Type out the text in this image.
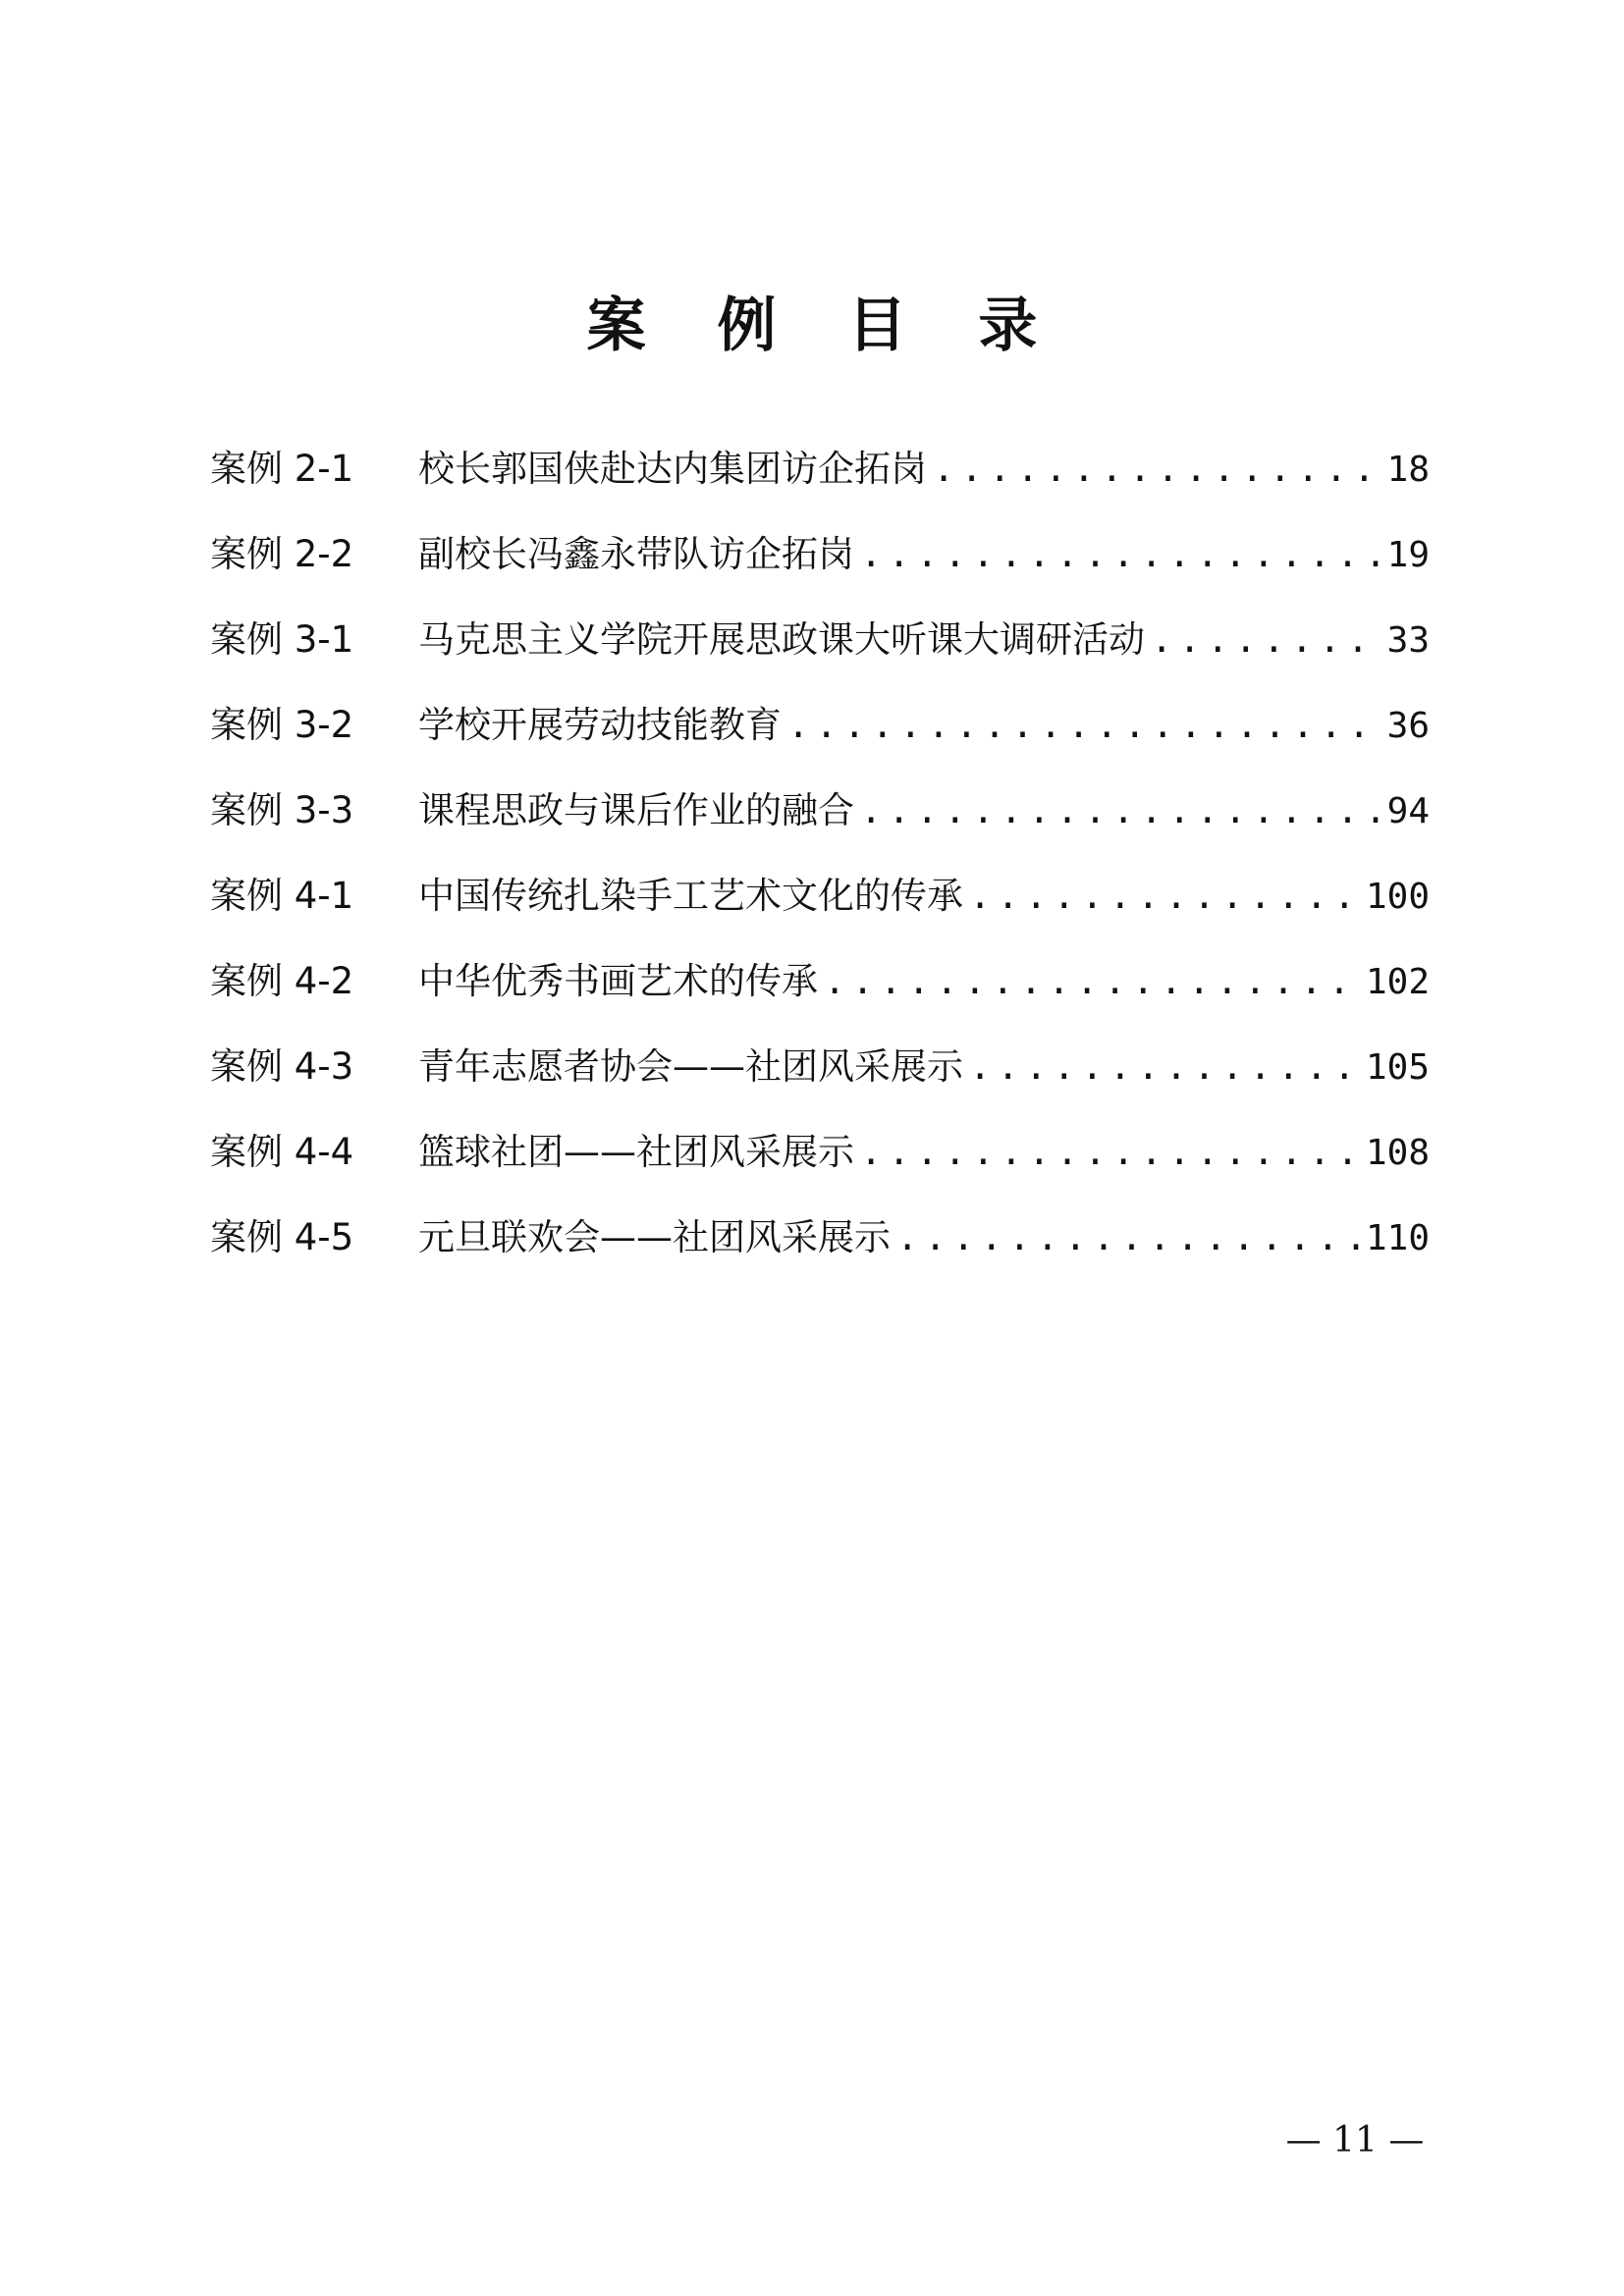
案 例 目 录
案例 2-1	校长郭国侠赴达内集团访企拓岗 . . .	18
案例 2-2	副校长冯鑫永带队访企拓岗 . . .	19
案例 3-1	马克思主义学院开展思政课大听课大调研活动 . . .	33
案例 3-2	学校开展劳动技能教育 . . .	36
案例 3-3	课程思政与课后作业的融合 . . .	94
案例 4-1	中国传统扎染手工艺术文化的传承 . . .	100
案例 4-2	中华优秀书画艺术的传承 . . .	102
案例 4-3	青年志愿者协会——社团风采展示 . . .	105
案例 4-4	篮球社团——社团风采展示 . . .	108
案例 4-5	元旦联欢会——社团风采展示 . . .	110
— 11 —
